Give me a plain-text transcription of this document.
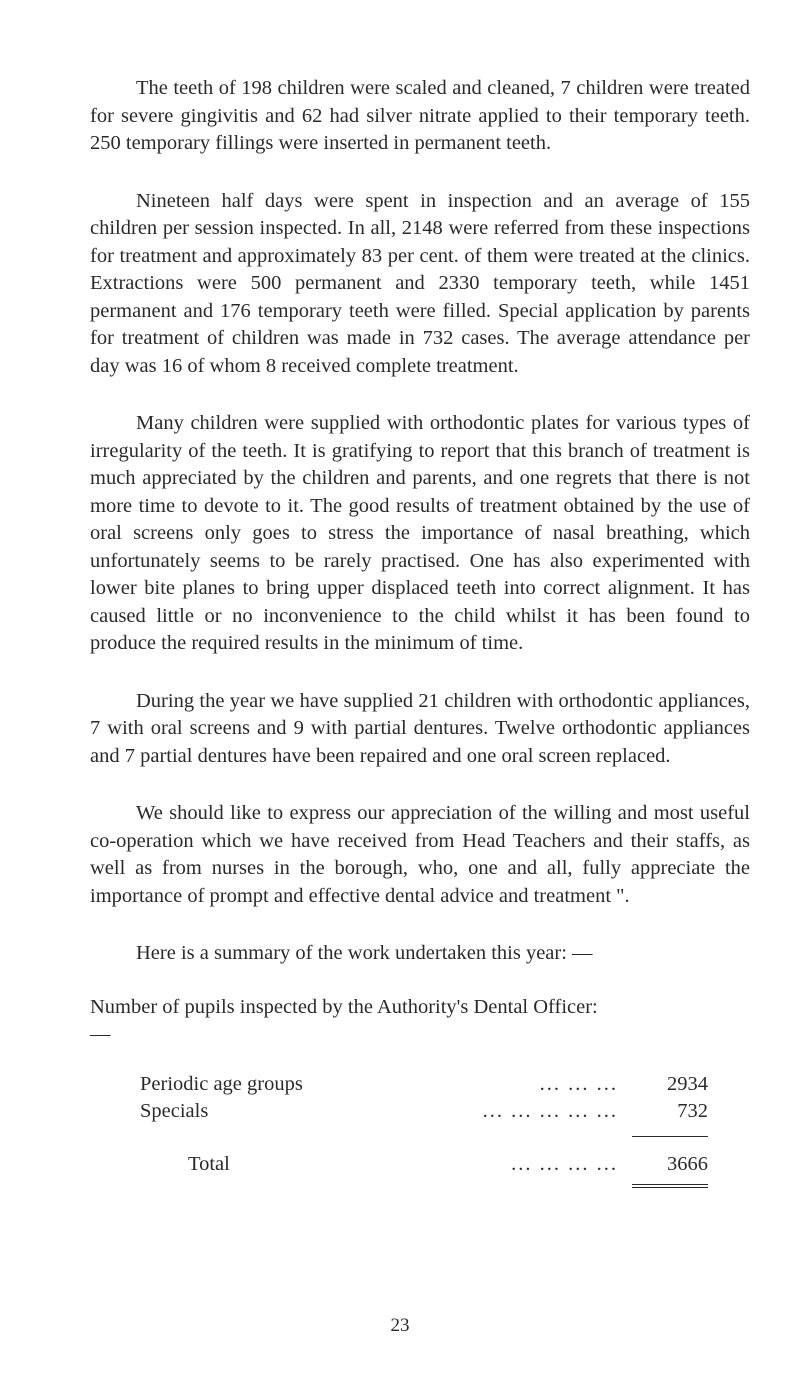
The teeth of 198 children were scaled and cleaned, 7 children were treated for severe gingivitis and 62 had silver nitrate applied to their temporary teeth. 250 temporary fillings were inserted in permanent teeth.

Nineteen half days were spent in inspection and an average of 155 children per session inspected. In all, 2148 were referred from these inspections for treatment and approximately 83 per cent. of them were treated at the clinics. Extractions were 500 permanent and 2330 temporary teeth, while 1451 permanent and 176 temporary teeth were filled. Special application by parents for treatment of children was made in 732 cases. The average attendance per day was 16 of whom 8 received complete treatment.

Many children were supplied with orthodontic plates for various types of irregularity of the teeth. It is gratifying to report that this branch of treatment is much appreciated by the children and parents, and one regrets that there is not more time to devote to it. The good results of treatment obtained by the use of oral screens only goes to stress the importance of nasal breathing, which unfortunately seems to be rarely practised. One has also experimented with lower bite planes to bring upper displaced teeth into correct alignment. It has caused little or no inconvenience to the child whilst it has been found to produce the required results in the minimum of time.

During the year we have supplied 21 children with orthodontic appliances, 7 with oral screens and 9 with partial dentures. Twelve orthodontic appliances and 7 partial dentures have been repaired and one oral screen replaced.

We should like to express our appreciation of the willing and most useful co-operation which we have received from Head Teachers and their staffs, as well as from nurses in the borough, who, one and all, fully appreciate the importance of prompt and effective dental advice and treatment ".

Here is a summary of the work undertaken this year: —
Number of pupils inspected by the Authority's Dental Officer: —
Periodic age groups	... ... ...	2934
Specials	... ... ... ... ...	732
Total	... ... ... ...	3666
23
